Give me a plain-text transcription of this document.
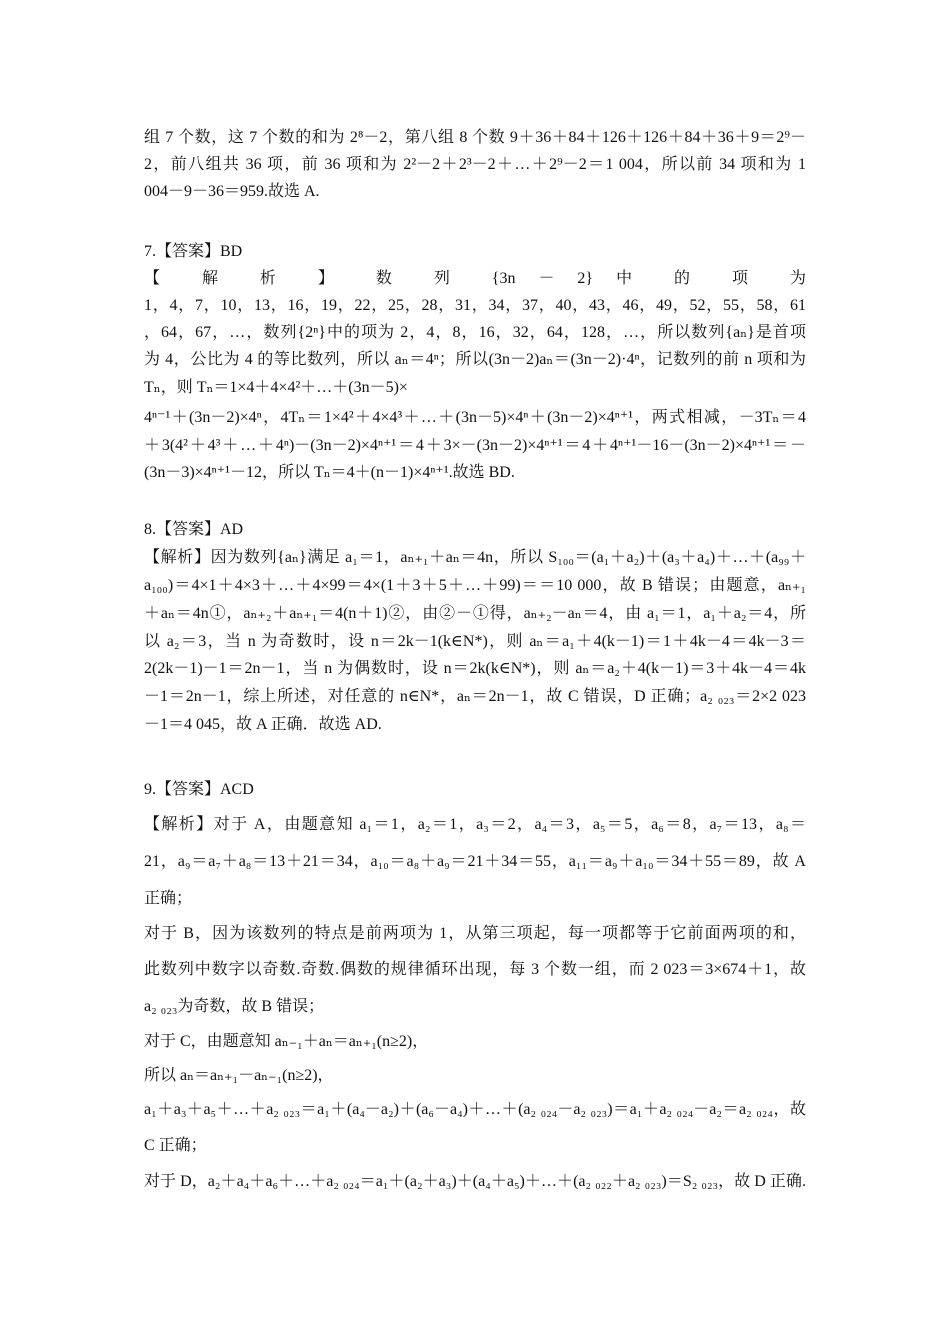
组 7 个数，这 7 个数的和为 2⁸－2，第八组 8 个数 9＋36＋84＋126＋126＋84＋36＋9＝2⁹－
2，前八组共 36 项，前 36 项和为 2²－2＋2³－2＋…＋2⁹－2＝1 004，所以前 34 项和为 1
004－9－36＝959.故选 A.
7.【答案】BD
【 解 析 】 数 列 {3n － 2} 中 的 项 为
1，4，7，10，13，16，19，22，25，28，31，34，37，40，43，46，49，52，55，58，61
，64，67，…，数列{2ⁿ}中的项为 2，4，8，16，32，64，128，…，所以数列{aₙ}是首项
为 4，公比为 4 的等比数列，所以 aₙ＝4ⁿ；所以(3n－2)aₙ＝(3n－2)·4ⁿ，记数列的前 n 项和为
Tₙ，则 Tₙ＝1×4＋4×4²＋…＋(3n－5)×
4ⁿ⁻¹＋(3n－2)×4ⁿ，4Tₙ＝1×4²＋4×4³＋…＋(3n－5)×4ⁿ＋(3n－2)×4ⁿ⁺¹，两式相减，－3Tₙ＝4
＋3(4²＋4³＋…＋4ⁿ)－(3n－2)×4ⁿ⁺¹＝4＋3×－(3n－2)×4ⁿ⁺¹＝4＋4ⁿ⁺¹－16－(3n－2)×4ⁿ⁺¹＝－
(3n－3)×4ⁿ⁺¹－12，所以 Tₙ＝4＋(n－1)×4ⁿ⁺¹.故选 BD.
8.【答案】AD
【解析】因为数列{aₙ}满足 a₁＝1，aₙ₊₁＋aₙ＝4n，所以 S₁₀₀＝(a₁＋a₂)＋(a₃＋a₄)＋…＋(a₉₉＋
a₁₀₀)＝4×1＋4×3＋…＋4×99＝4×(1＋3＋5＋…＋99)＝＝10 000，故 B 错误；由题意，aₙ₊₁
＋aₙ＝4n①，aₙ₊₂＋aₙ₊₁＝4(n＋1)②，由②－①得，aₙ₊₂－aₙ＝4，由 a₁＝1，a₁＋a₂＝4，所
以 a₂＝3，当 n 为奇数时，设 n＝2k－1(k∈N*)，则 aₙ＝a₁＋4(k－1)＝1＋4k－4＝4k－3＝
2(2k－1)－1＝2n－1，当 n 为偶数时，设 n＝2k(k∈N*)，则 aₙ＝a₂＋4(k－1)＝3＋4k－4＝4k
－1＝2n－1，综上所述，对任意的 n∈N*，aₙ＝2n－1，故 C 错误，D 正确；a₂ ₀₂₃＝2×2 023
－1＝4 045，故 A 正确．故选 AD.
9.【答案】ACD
【解析】对于 A，由题意知 a₁＝1，a₂＝1，a₃＝2，a₄＝3，a₅＝5，a₆＝8，a₇＝13，a₈＝
21，a₉＝a₇＋a₈＝13＋21＝34，a₁₀＝a₈＋a₉＝21＋34＝55，a₁₁＝a₉＋a₁₀＝34＋55＝89，故 A
正确；
对于 B，因为该数列的特点是前两项为 1，从第三项起，每一项都等于它前面两项的和，
此数列中数字以奇数.奇数.偶数的规律循环出现，每 3 个数一组，而 2 023＝3×674＋1，故
a₂ ₀₂₃为奇数，故 B 错误；
对于 C，由题意知 aₙ₋₁＋aₙ＝aₙ₊₁(n≥2)，
所以 aₙ＝aₙ₊₁－aₙ₋₁(n≥2)，
a₁＋a₃＋a₅＋…＋a₂ ₀₂₃＝a₁＋(a₄－a₂)＋(a₆－a₄)＋…＋(a₂ ₀₂₄－a₂ ₀₂₃)＝a₁＋a₂ ₀₂₄－a₂＝a₂ ₀₂₄，故
C 正确；
对于 D，a₂＋a₄＋a₆＋…＋a₂ ₀₂₄＝a₁＋(a₂＋a₃)＋(a₄＋a₅)＋…＋(a₂ ₀₂₂＋a₂ ₀₂₃)＝S₂ ₀₂₃，故 D 正确.
